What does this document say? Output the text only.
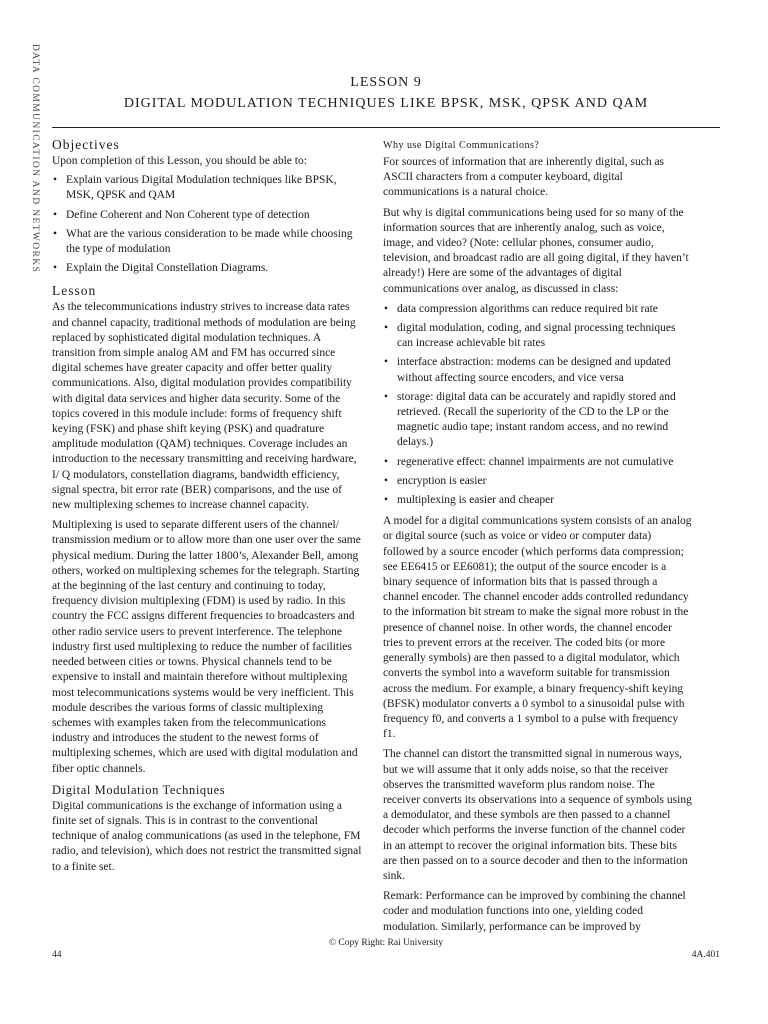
DATA COMMUNICATION AND NETWORKS	LESSON 9
DIGITAL MODULATION TECHNIQUES LIKE BPSK, MSK, QPSK AND QAM
Objectives

Upon completion of this Lesson, you should be able to:

• Explain various Digital Modulation techniques like BPSK, MSK, QPSK and QAM
• Define Coherent and Non Coherent type of detection
• What are the various consideration to be made while choosing the type of modulation
• Explain the Digital Constellation Diagrams.
Lesson

As the telecommunications industry strives to increase data rates and channel capacity, traditional methods of modulation are being replaced by sophisticated digital modulation techniques. A transition from simple analog AM and FM has occurred since digital schemes have greater capacity and offer better quality communications. Also, digital modulation provides compatibility with digital data services and higher data security. Some of the topics covered in this module include: forms of frequency shift keying (FSK) and phase shift keying (PSK) and quadrature amplitude modulation (QAM) techniques. Coverage includes an introduction to the necessary transmitting and receiving hardware, I/ Q modulators, constellation diagrams, bandwidth efficiency, signal spectra, bit error rate (BER) comparisons, and the use of new multiplexing schemes to increase channel capacity.

Multiplexing is used to separate different users of the channel/ transmission medium or to allow more than one user over the same physical medium. During the latter 1800’s, Alexander Bell, among others, worked on multiplexing schemes for the telegraph. Starting at the beginning of the last century and continuing to today, frequency division multiplexing (FDM) is used by radio. In this country the FCC assigns different frequencies to broadcasters and other radio service users to prevent interference. The telephone industry first used multiplexing to reduce the number of facilities needed between cities or towns. Physical channels tend to be expensive to install and maintain therefore without multiplexing most telecommunications systems would be very inefficient. This module describes the various forms of classic multiplexing schemes with examples taken from the telecommunications industry and introduces the student to the newest forms of multiplexing schemes, which are used with digital modulation and fiber optic channels.

Digital Modulation Techniques

Digital communications is the exchange of information using a finite set of signals. This is in contrast to the conventional technique of analog communications (as used in the telephone, FM radio, and television), which does not restrict the transmitted signal to a finite set.

Why use Digital Communications?

For sources of information that are inherently digital, such as ASCII characters from a computer keyboard, digital communications is a natural choice.

But why is digital communications being used for so many of the information sources that are inherently analog, such as voice, image, and video? (Note: cellular phones, consumer audio, television, and broadcast radio are all going digital, if they haven’t already!) Here are some of the advantages of digital communications over analog, as discussed in class:

• data compression algorithms can reduce required bit rate
• digital modulation, coding, and signal processing techniques can increase achievable bit rates
• interface abstraction: modems can be designed and updated without affecting source encoders, and vice versa
• storage: digital data can be accurately and rapidly stored and retrieved. (Recall the superiority of the CD to the LP or the magnetic audio tape; instant random access, and no rewind delays.)
• regenerative effect: channel impairments are not cumulative
• encryption is easier
• multiplexing is easier and cheaper

A model for a digital communications system consists of an analog or digital source (such as voice or video or computer data) followed by a source encoder (which performs data compression; see EE6415 or EE6081); the output of the source encoder is a binary sequence of information bits that is passed through a channel encoder. The channel encoder adds controlled redundancy to the information bit stream to make the signal more robust in the presence of channel noise. In other words, the channel encoder tries to prevent errors at the receiver. The coded bits (or more generally symbols) are then passed to a digital modulator, which converts the symbol into a waveform suitable for transmission across the medium. For example, a binary frequency-shift keying (BFSK) modulator converts a 0 symbol to a sinusoidal pulse with frequency f0, and converts a 1 symbol to a pulse with frequency f1.

The channel can distort the transmitted signal in numerous ways, but we will assume that it only adds noise, so that the receiver observes the transmitted waveform plus random noise. The receiver converts its observations into a sequence of symbols using a demodulator, and these symbols are then passed to a channel decoder which performs the inverse function of the channel coder in an attempt to recover the original information bits. These bits are then passed on to a source decoder and then to the information sink.

Remark: Performance can be improved by combining the channel coder and modulation functions into one, yielding coded modulation. Similarly, performance can be improved by

© Copy Right: Rai University
44	4A.401
